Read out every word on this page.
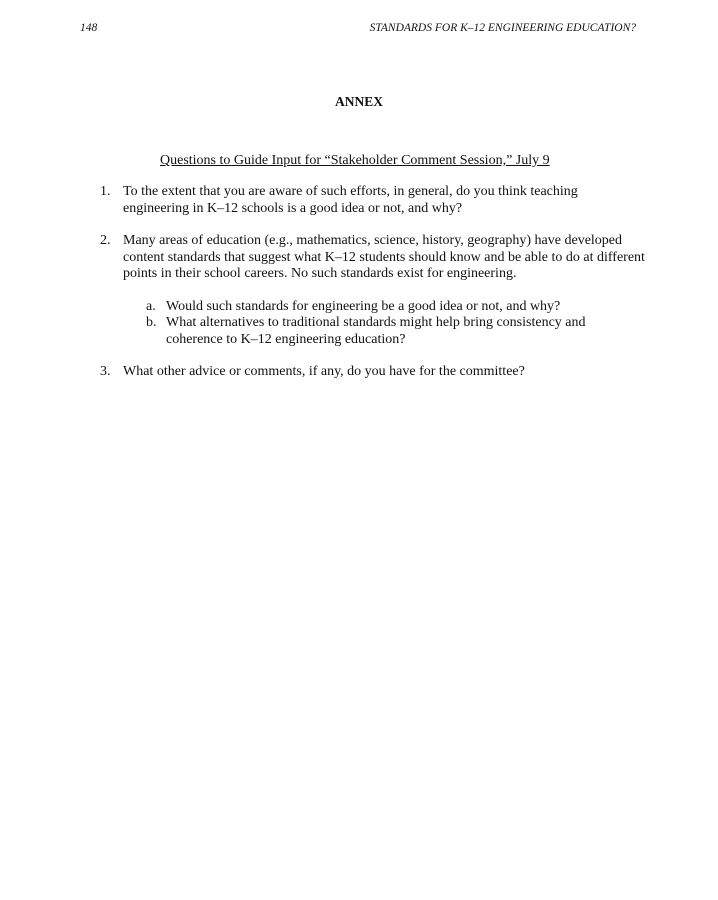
148	STANDARDS FOR K–12 ENGINEERING EDUCATION?
ANNEX
Questions to Guide Input for “Stakeholder Comment Session,” July 9
1. To the extent that you are aware of such efforts, in general, do you think teaching engineering in K–12 schools is a good idea or not, and why?
2. Many areas of education (e.g., mathematics, science, history, geography) have developed content standards that suggest what K–12 students should know and be able to do at different points in their school careers. No such standards exist for engineering.
a. Would such standards for engineering be a good idea or not, and why?
b. What alternatives to traditional standards might help bring consistency and coherence to K–12 engineering education?
3. What other advice or comments, if any, do you have for the committee?
